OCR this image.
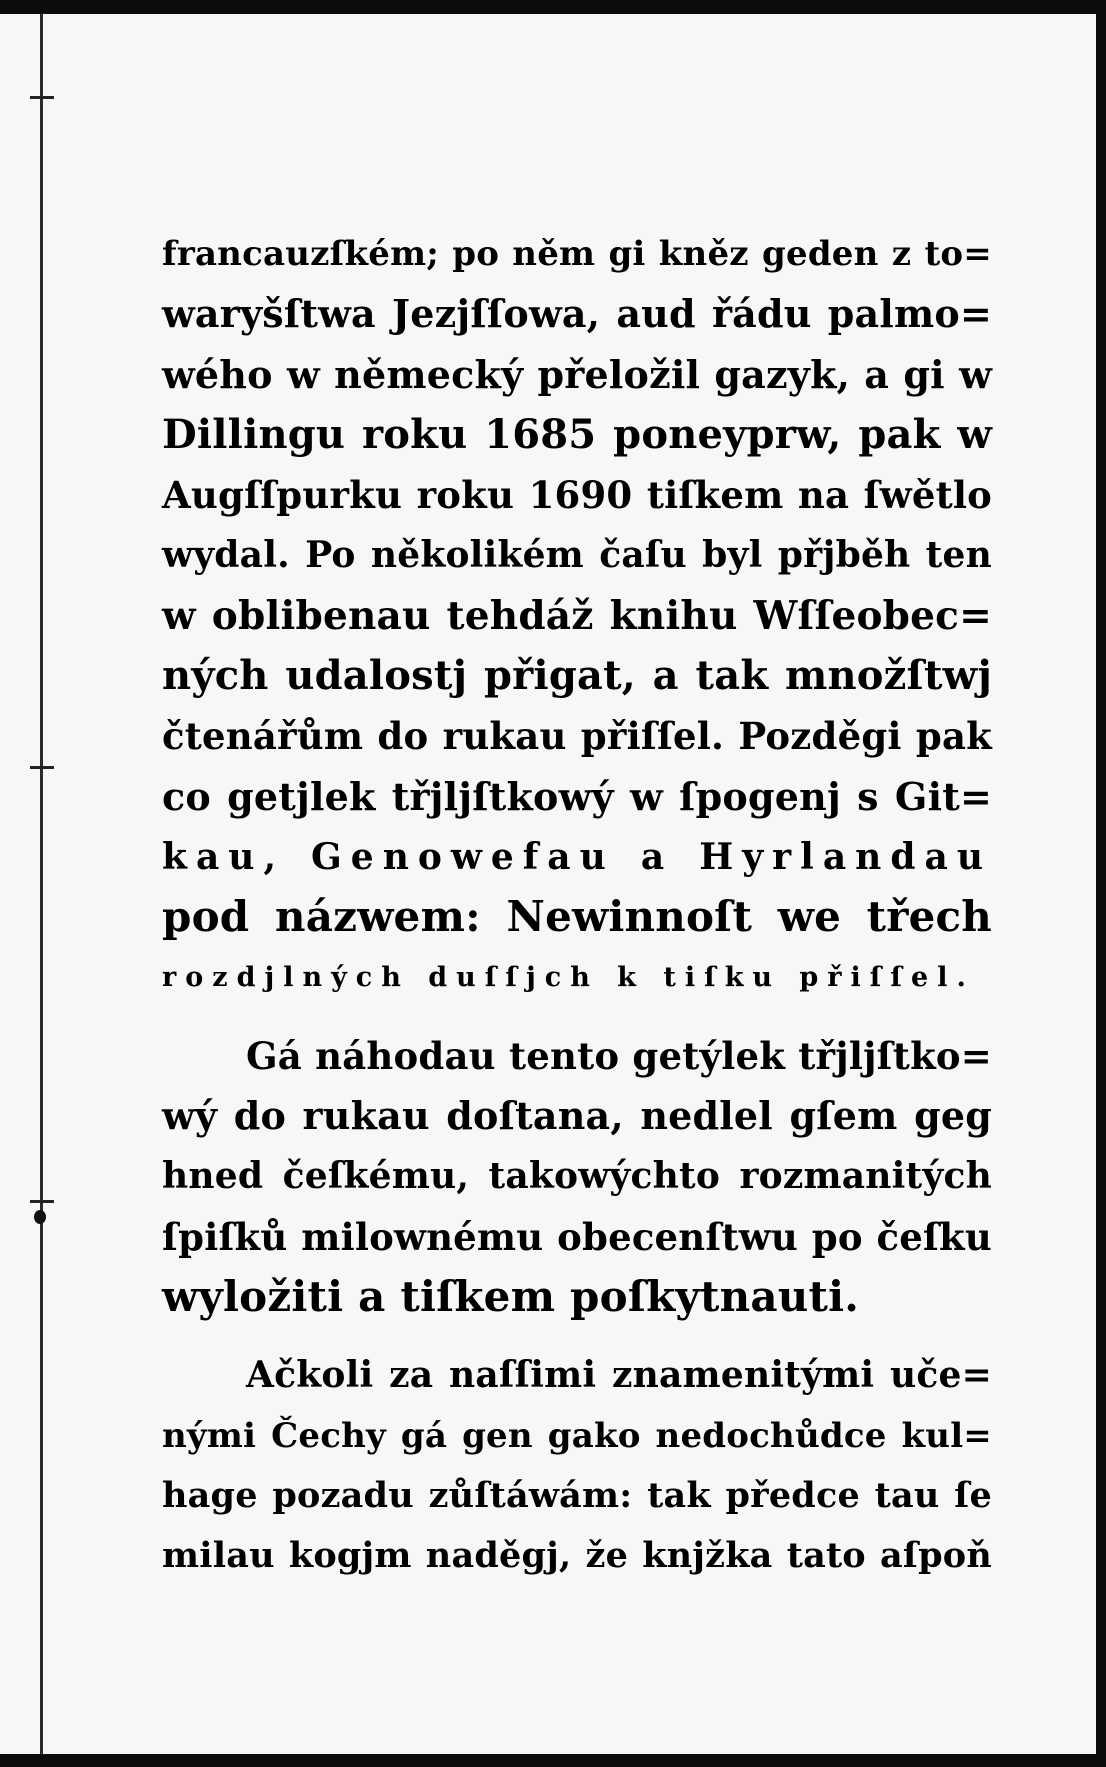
francauzſkém; po něm gi kněz geden z to=
waryšſtwa Jezjſſowa, aud řádu palmo=
wého w německý přeložil gazyk, a gi w
Dillingu roku 1685 poneyprw, pak w
Augſſpurku roku 1690 tiſkem na ſwětlo
wydal. Po několikém čaſu byl přjběh ten
w oblibenau tehdáž knihu Wſſeobec=
ných udalostj přigat, a tak množſtwj
čtenářům do rukau přiſſel. Pozděgi pak
co getjlek třjljſtkowý w ſpogenj s Git=
kau, Genowefau a Hyrlandau
pod názwem: Newinnoſt we třech
rozdjlných duſſjch k tiſku přiſſel.

Gá náhodau tento getýlek třjljſtko=
wý do rukau doſtana, nedlel gſem geg
hned čeſkému, takowýchto rozmanitých
ſpiſků milownému obecenſtwu po čeſku
wyložiti a tiſkem poſkytnauti.

Ačkoli za naſſimi znamenitými uče=
nými Čechy gá gen gako nedochůdce kul=
hage pozadu zůſtáwám: tak předce tau ſe
milau kogjm naděgj, že knjžka tato aſpoň
